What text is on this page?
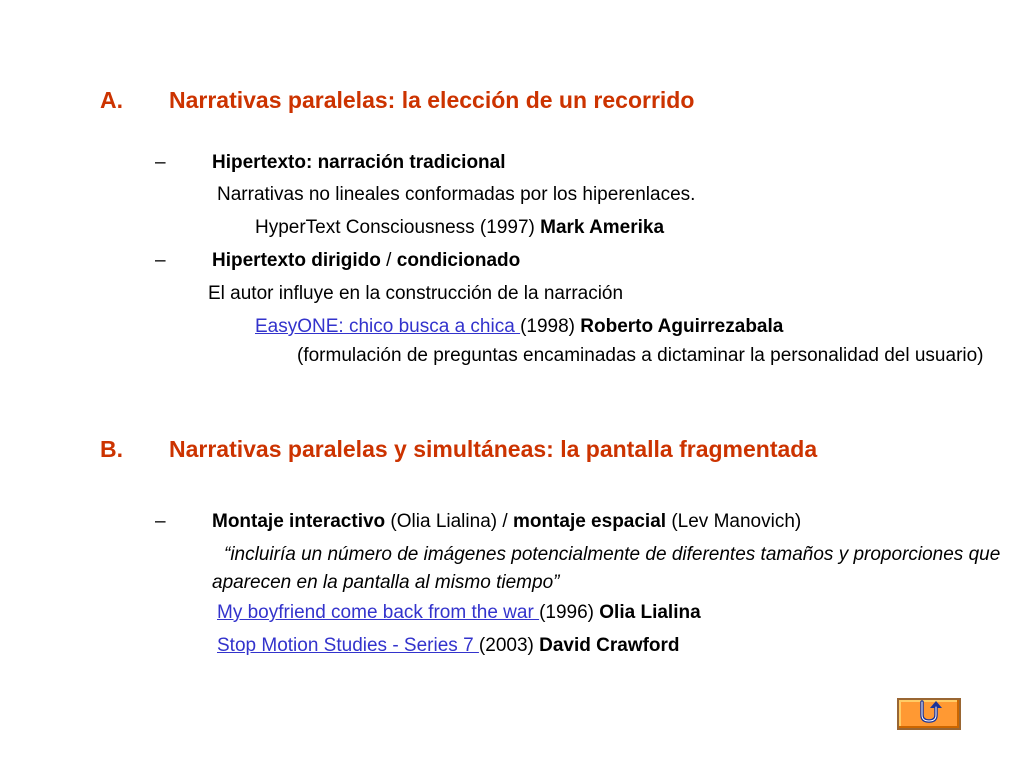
A. Narrativas paralelas: la elección de un recorrido
– Hipertexto: narración tradicional
Narrativas no lineales conformadas por los hiperenlaces.
HyperText Consciousness (1997) Mark Amerika
– Hipertexto dirigido / condicionado
El autor influye en la construcción de la narración
EasyONE: chico busca a chica (1998) Roberto Aguirrezabala
(formulación de preguntas encaminadas a dictaminar la personalidad del usuario)
B. Narrativas paralelas y simultáneas: la pantalla fragmentada
– Montaje interactivo (Olia Lialina) / montaje espacial (Lev Manovich)
“incluiría un número de imágenes potencialmente de diferentes tamaños y proporciones que aparecen en la pantalla al mismo tiempo”
My boyfriend come back from the war (1996) Olia Lialina
Stop Motion Studies - Series 7 (2003) David Crawford
